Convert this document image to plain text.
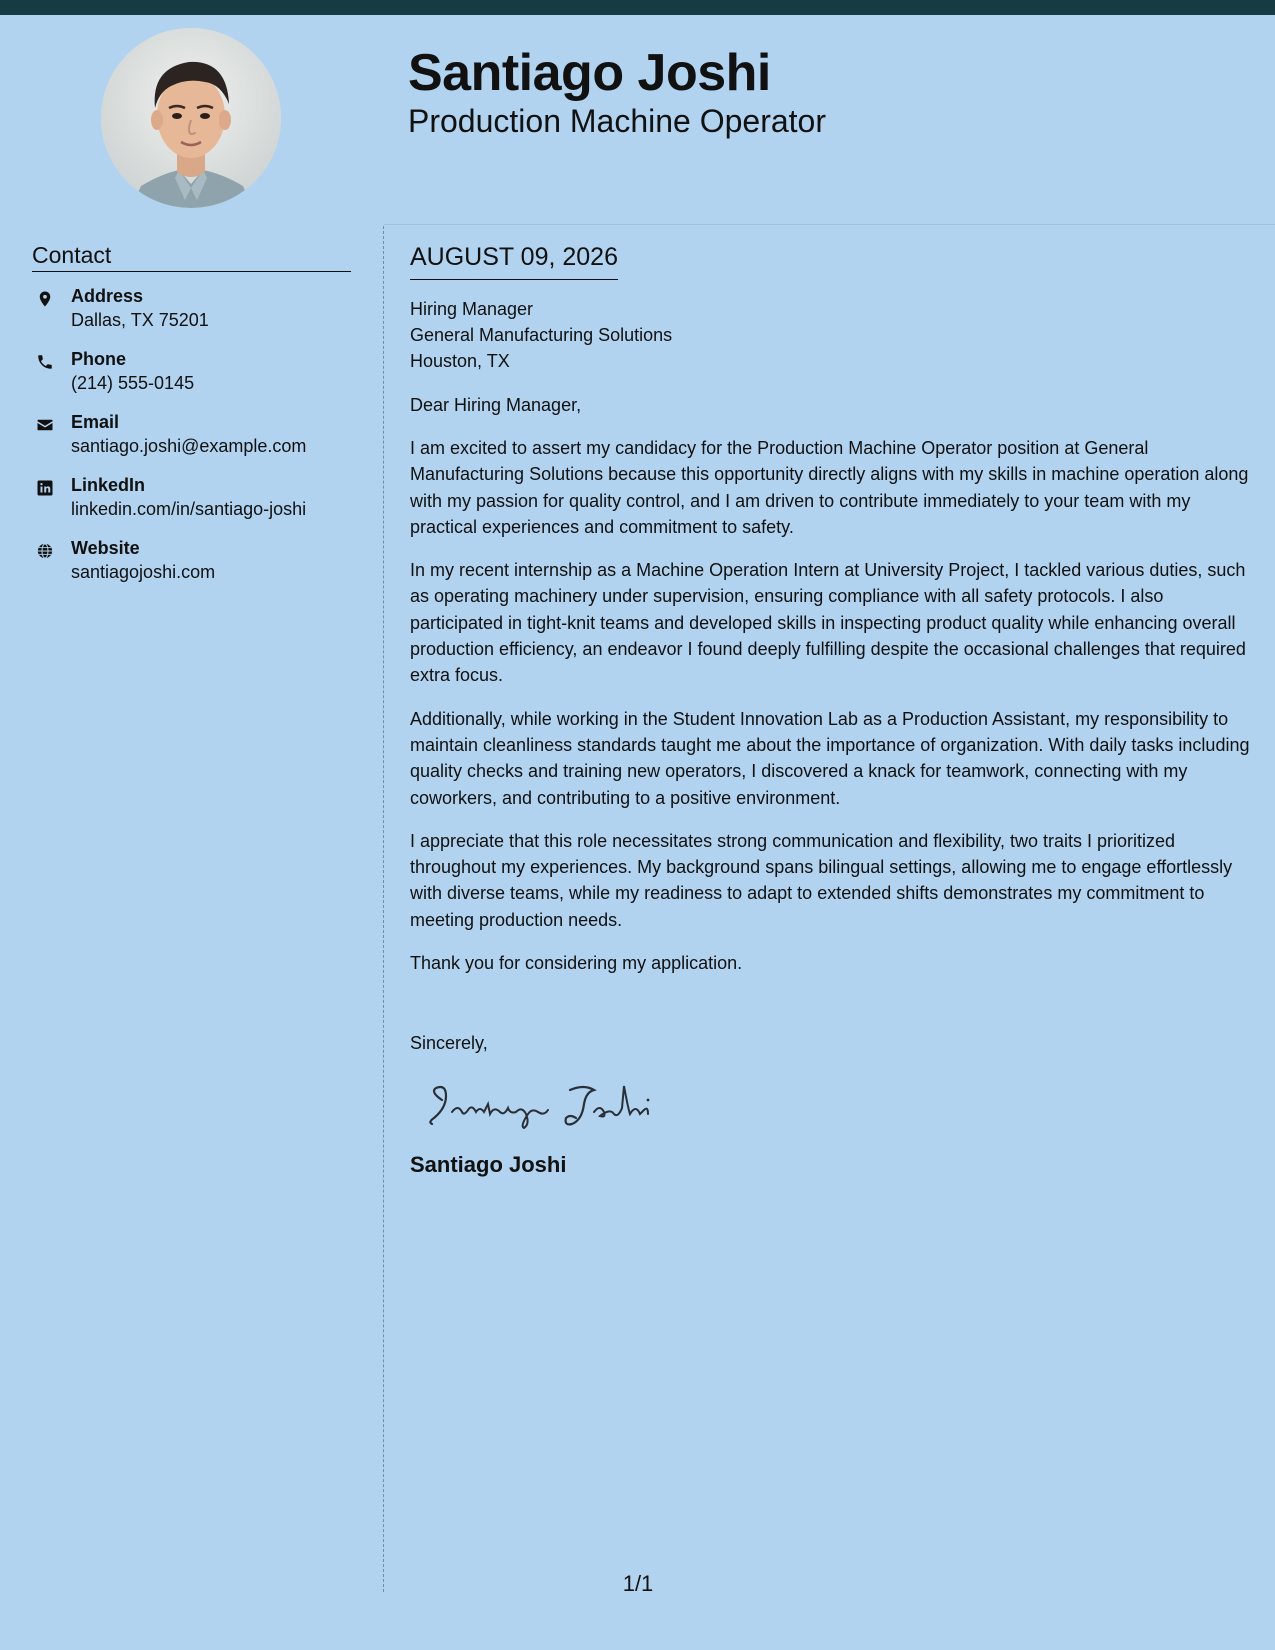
Santiago Joshi
Production Machine Operator
Contact
Address
Dallas, TX 75201
Phone
(214) 555-0145
Email
santiago.joshi@example.com
LinkedIn
linkedin.com/in/santiago-joshi
Website
santiagojoshi.com
AUGUST 09, 2026
Hiring Manager
General Manufacturing Solutions
Houston, TX

Dear Hiring Manager,

I am excited to assert my candidacy for the Production Machine Operator position at General Manufacturing Solutions because this opportunity directly aligns with my skills in machine operation along with my passion for quality control, and I am driven to contribute immediately to your team with my practical experiences and commitment to safety.

In my recent internship as a Machine Operation Intern at University Project, I tackled various duties, such as operating machinery under supervision, ensuring compliance with all safety protocols. I also participated in tight-knit teams and developed skills in inspecting product quality while enhancing overall production efficiency, an endeavor I found deeply fulfilling despite the occasional challenges that required extra focus.

Additionally, while working in the Student Innovation Lab as a Production Assistant, my responsibility to maintain cleanliness standards taught me about the importance of organization. With daily tasks including quality checks and training new operators, I discovered a knack for teamwork, connecting with my coworkers, and contributing to a positive environment.

I appreciate that this role necessitates strong communication and flexibility, two traits I prioritized throughout my experiences. My background spans bilingual settings, allowing me to engage effortlessly with diverse teams, while my readiness to adapt to extended shifts demonstrates my commitment to meeting production needs.

Thank you for considering my application.

Sincerely,

Santiago Joshi

1/1
